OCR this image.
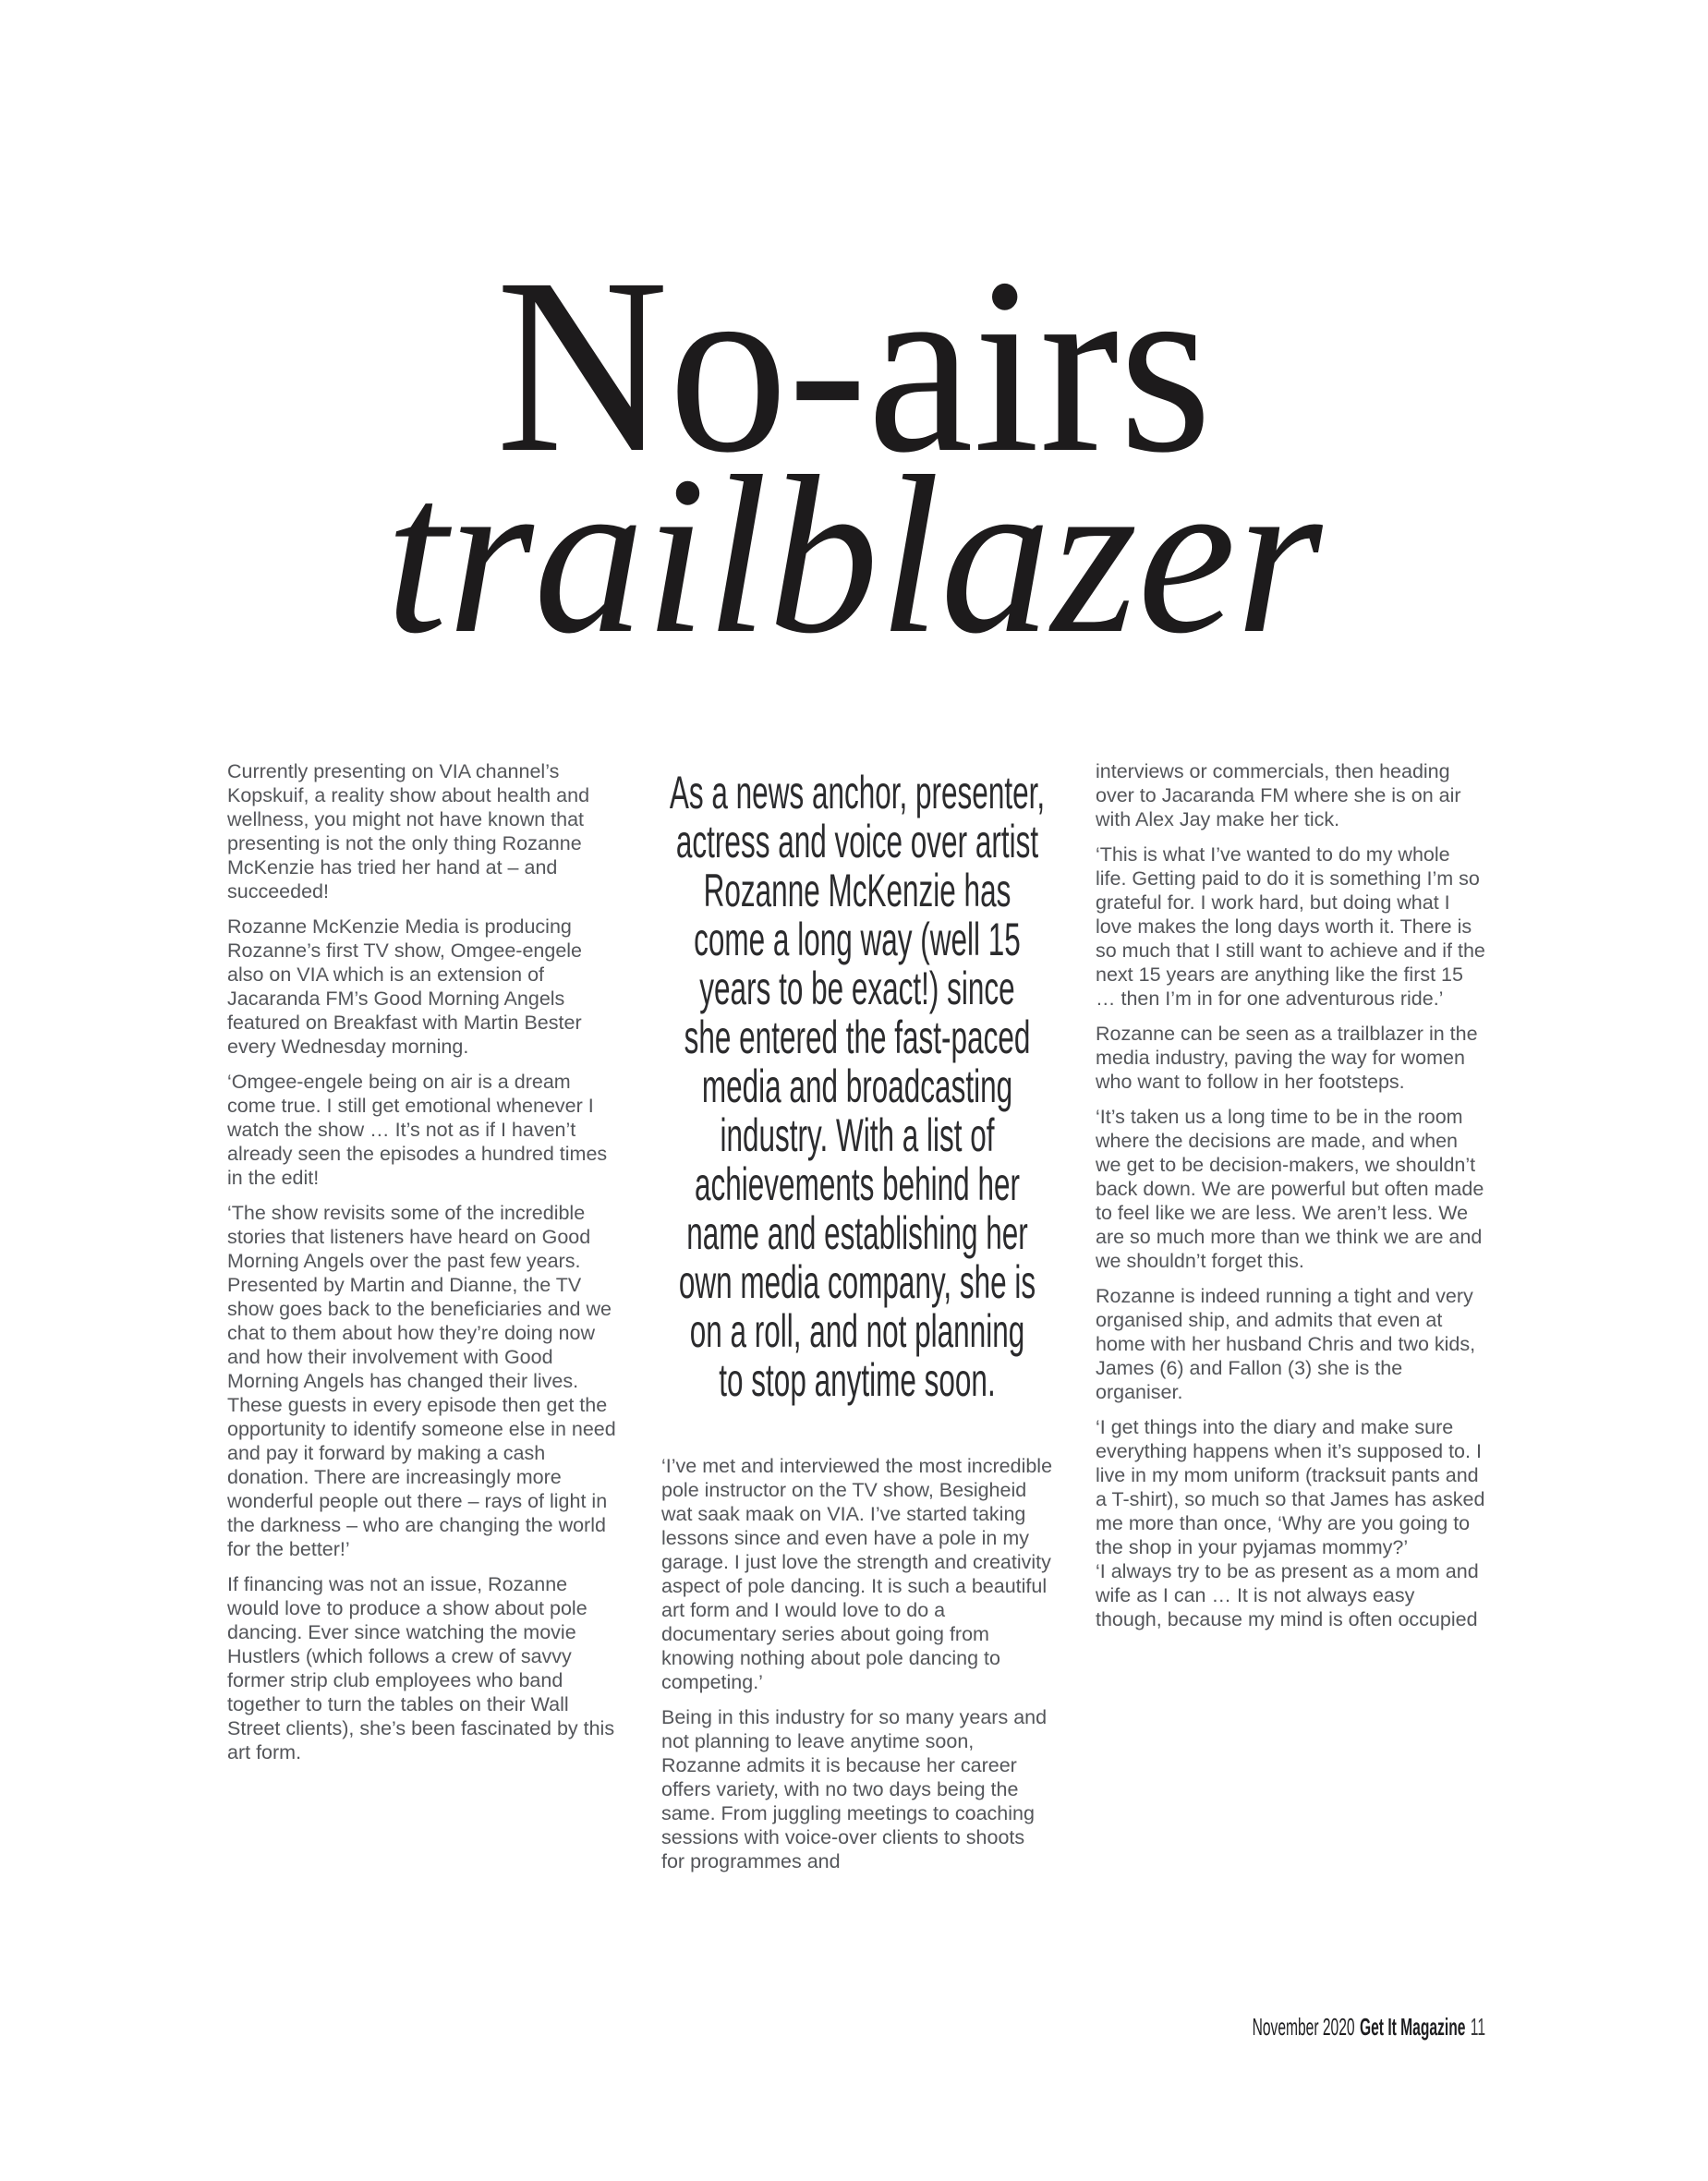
No-airs
trailblazer
Currently presenting on VIA channel’s Kopskuif, a reality show about health and wellness, you might not have known that presenting is not the only thing Rozanne McKenzie has tried her hand at – and succeeded!
Rozanne McKenzie Media is producing Rozanne’s first TV show, Omgee-engele also on VIA which is an extension of Jacaranda FM’s Good Morning Angels featured on Breakfast with Martin Bester every Wednesday morning.
‘Omgee-engele being on air is a dream come true. I still get emotional whenever I watch the show … It’s not as if I haven’t already seen the episodes a hundred times in the edit!
‘The show revisits some of the incredible stories that listeners have heard on Good Morning Angels over the past few years. Presented by Martin and Dianne, the TV show goes back to the beneficiaries and we chat to them about how they’re doing now and how their involvement with Good Morning Angels has changed their lives. These guests in every episode then get the opportunity to identify someone else in need and pay it forward by making a cash donation. There are increasingly more wonderful people out there – rays of light in the darkness – who are changing the world for the better!’
If financing was not an issue, Rozanne would love to produce a show about pole dancing. Ever since watching the movie Hustlers (which follows a crew of savvy former strip club employees who band together to turn the tables on their Wall Street clients), she’s been fascinated by this art form.
As a news anchor, presenter,
actress and voice over artist
Rozanne McKenzie has
come a long way (well 15
years to be exact!) since
she entered the fast-paced
media and broadcasting
industry. With a list of
achievements behind her
name and establishing her
own media company, she is
on a roll, and not planning
to stop anytime soon.
‘I’ve met and interviewed the most incredible pole instructor on the TV show, Besigheid wat saak maak on VIA. I’ve started taking lessons since and even have a pole in my garage. I just love the strength and creativity aspect of pole dancing. It is such a beautiful art form and I would love to do a documentary series about going from knowing nothing about pole dancing to competing.’
Being in this industry for so many years and not planning to leave anytime soon, Rozanne admits it is because her career offers variety, with no two days being the same. From juggling meetings to coaching sessions with voice-over clients to shoots for programmes and
interviews or commercials, then heading over to Jacaranda FM where she is on air with Alex Jay make her tick.
‘This is what I’ve wanted to do my whole life. Getting paid to do it is something I’m so grateful for. I work hard, but doing what I love makes the long days worth it. There is so much that I still want to achieve and if the next 15 years are anything like the first 15 … then I’m in for one adventurous ride.’
Rozanne can be seen as a trailblazer in the media industry, paving the way for women who want to follow in her footsteps.
‘It’s taken us a long time to be in the room where the decisions are made, and when we get to be decision-makers, we shouldn’t back down. We are powerful but often made to feel like we are less. We aren’t less. We are so much more than we think we are and we shouldn’t forget this.
Rozanne is indeed running a tight and very organised ship, and admits that even at home with her husband Chris and two kids, James (6) and Fallon (3) she is the organiser.
‘I get things into the diary and make sure everything happens when it’s supposed to. I live in my mom uniform (tracksuit pants and a T-shirt), so much so that James has asked me more than once, ‘Why are you going to the shop in your pyjamas mommy?’
‘I always try to be as present as a mom and wife as I can … It is not always easy though, because my mind is often occupied
November 2020 Get It Magazine 11
